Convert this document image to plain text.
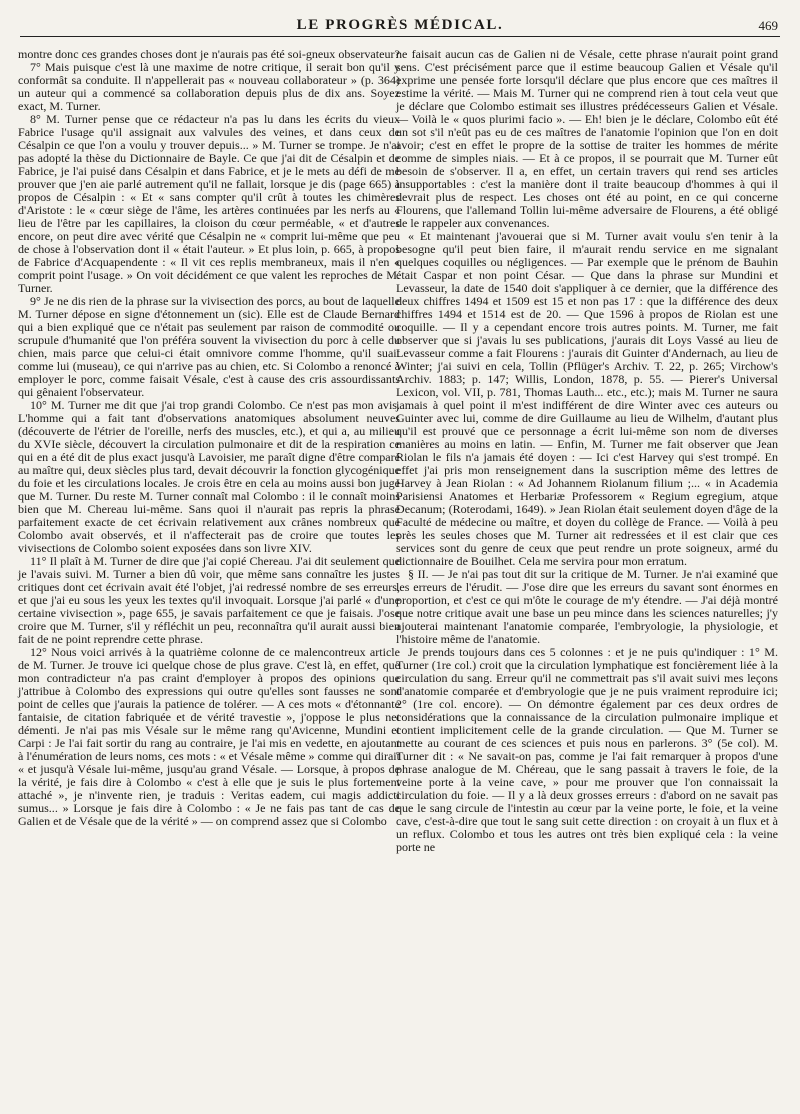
LE PROGRÈS MÉDICAL.	469

montre donc ces grandes choses dont je n'aurais pas été soi-gneux observateur?

7° Mais puisque c'est là une maxime de notre critique, il serait bon qu'il y conformât sa conduite. Il n'appellerait pas « nouveau collaborateur » (p. 364) un auteur qui a commencé sa collaboration depuis plus de dix ans. Soyez exact, M. Turner.

8° M. Turner pense que ce rédacteur n'a pas lu dans les écrits du vieux Fabrice l'usage qu'il assignait aux valvules des veines, et dans ceux de Césalpin ce que l'on a voulu y trouver depuis... » M. Turner se trompe. Je n'ai pas adopté la thèse du Dictionnaire de Bayle. Ce que j'ai dit de Césalpin et de Fabrice, je l'ai puisé dans Césalpin et dans Fabrice, et je le mets au défi de me prouver que j'en aie parlé autrement qu'il ne fallait, lorsque je dis (page 665) à propos de Césalpin : « Et « sans compter qu'il crût à toutes les chimères d'Aristote : le « cœur siège de l'âme, les artères continuées par les nerfs au « lieu de l'être par les capillaires, la cloison du cœur perméable, « et d'autres encore, on peut dire avec vérité que Césalpin ne « comprit lui-même que peu de chose à l'observation dont il « était l'auteur. » Et plus loin, p. 665, à propos de Fabrice d'Acquapendente : « Il vit ces replis membraneux, mais il n'en « comprit point l'usage. » On voit décidément ce que valent les reproches de M. Turner.

9° Je ne dis rien de la phrase sur la vivisection des porcs, au bout de laquelle M. Turner dépose en signe d'étonnement un (sic). Elle est de Claude Bernard qui a bien expliqué que ce n'était pas seulement par raison de commodité ou scrupule d'humanité que l'on préféra souvent la vivisection du porc à celle du chien, mais parce que celui-ci était omnivore comme l'homme, qu'il suait comme lui (museau), ce qui n'arrive pas au chien, etc. Si Colombo a renoncé à employer le porc, comme faisait Vésale, c'est à cause des cris assourdissants qui gênaient l'observateur.

10° M. Turner me dit que j'ai trop grandi Colombo. Ce n'est pas mon avis. L'homme qui a fait tant d'observations anatomiques absolument neuves (découverte de l'étrier de l'oreille, nerfs des muscles, etc.), et qui a, au milieu du XVIe siècle, découvert la circulation pulmonaire et dit de la respiration ce qui en a été dit de plus exact jusqu'à Lavoisier, me paraît digne d'être comparé au maître qui, deux siècles plus tard, devait découvrir la fonction glycogénique du foie et les circulations locales. Je crois être en cela au moins aussi bon juge que M. Turner. Du reste M. Turner connaît mal Colombo : il le connaît moins bien que M. Chereau lui-même. Sans quoi il n'aurait pas repris la phrase parfaitement exacte de cet écrivain relativement aux crânes nombreux que Colombo avait observés, et il n'affecterait pas de croire que toutes les vivisections de Colombo soient exposées dans son livre XIV.

11° Il plaît à M. Turner de dire que j'ai copié Chereau. J'ai dit seulement que je l'avais suivi. M. Turner a bien dû voir, que même sans connaître les justes critiques dont cet écrivain avait été l'objet, j'ai redressé nombre de ses erreurs, et que j'ai eu sous les yeux les textes qu'il invoquait. Lorsque j'ai parlé « d'une certaine vivisection », page 655, je savais parfaitement ce que je faisais. J'ose croire que M. Turner, s'il y réfléchit un peu, reconnaîtra qu'il aurait aussi bien fait de ne point reprendre cette phrase.

12° Nous voici arrivés à la quatrième colonne de ce malencontreux article de M. Turner. Je trouve ici quelque chose de plus grave. C'est là, en effet, que mon contradicteur n'a pas craint d'employer à propos des opinions que j'attribue à Colombo des expressions qui outre qu'elles sont fausses ne sont point de celles que j'aurais la patience de tolérer. — A ces mots « d'étonnante fantaisie, de citation fabriquée et de vérité travestie », j'oppose le plus net démenti. Je n'ai pas mis Vésale sur le même rang qu'Avicenne, Mundini et Carpi : Je l'ai fait sortir du rang au contraire, je l'ai mis en vedette, en ajoutant à l'énumération de leurs noms, ces mots : « et Vésale même » comme qui dirait « et jusqu'à Vésale lui-même, jusqu'au grand Vésale. — Lorsque, à propos de la vérité, je fais dire à Colombo « c'est à elle que je suis le plus fortement attaché », je n'invente rien, je traduis : Veritas eadem, cui magis addicti sumus... » Lorsque je fais dire à Colombo : « Je ne fais pas tant de cas de Galien et de Vésale que de la vérité » — on comprend assez que si Colombo

ne faisait aucun cas de Galien ni de Vésale, cette phrase n'aurait point grand sens. C'est précisément parce que il estime beaucoup Galien et Vésale qu'il exprime une pensée forte lorsqu'il déclare que plus encore que ces maîtres il estime la vérité. — Mais M. Turner qui ne comprend rien à tout cela veut que je déclare que Colombo estimait ses illustres prédécesseurs Galien et Vésale. — Voilà le « quos plurimi facio ». — Eh! bien je le déclare, Colombo eût été un sot s'il n'eût pas eu de ces maîtres de l'anatomie l'opinion que l'on en doit avoir; c'est en effet le propre de la sottise de traiter les hommes de mérite comme de simples niais. — Et à ce propos, il se pourrait que M. Turner eût besoin de s'observer. Il a, en effet, un certain travers qui rend ses articles insupportables : c'est la manière dont il traite beaucoup d'hommes à qui il devrait plus de respect. Les choses ont été au point, en ce qui concerne Flourens, que l'allemand Tollin lui-même adversaire de Flourens, a été obligé de le rappeler aux convenances.

« Et maintenant j'avouerai que si M. Turner avait voulu s'en tenir à la besogne qu'il peut bien faire, il m'aurait rendu service en me signalant quelques coquilles ou négligences. — Par exemple que le prénom de Bauhin était Caspar et non point César. — Que dans la phrase sur Mundini et Levasseur, la date de 1540 doit s'appliquer à ce dernier, que la différence des deux chiffres 1494 et 1509 est 15 et non pas 17 : que la différence des deux chiffres 1494 et 1514 est de 20. — Que 1596 à propos de Riolan est une coquille. — Il y a cependant encore trois autres points. M. Turner, me fait observer que si j'avais lu ses publications, j'aurais dit Loys Vassé au lieu de Levasseur comme a fait Flourens : j'aurais dit Guinter d'Andernach, au lieu de Winter; j'ai suivi en cela, Tollin (Pflüger's Archiv. T. 22, p. 265; Virchow's Archiv. 1883; p. 147; Willis, London, 1878, p. 55. — Pierer's Universal Lexicon, vol. VII, p. 781, Thomas Lauth... etc., etc.); mais M. Turner ne saura jamais à quel point il m'est indifférent de dire Winter avec ces auteurs ou Guinter avec lui, comme de dire Guillaume au lieu de Wilhelm, d'autant plus qu'il est prouvé que ce personnage a écrit lui-même son nom de diverses manières au moins en latin. — Enfin, M. Turner me fait observer que Jean Riolan le fils n'a jamais été doyen : — Ici c'est Harvey qui s'est trompé. En effet j'ai pris mon renseignement dans la suscription même des lettres de Harvey à Jean Riolan : « Ad Johannem Riolanum filium ;... « in Academia Parisiensi Anatomes et Herbariæ Professorem « Regium egregium, atque Decanum; (Roterodami, 1649). » Jean Riolan était seulement doyen d'âge de la Faculté de médecine ou maître, et doyen du collège de France. — Voilà à peu près les seules choses que M. Turner ait redressées et il est clair que ces services sont du genre de ceux que peut rendre un prote soigneux, armé du dictionnaire de Bouilhet. Cela me servira pour mon erratum.

§ II. — Je n'ai pas tout dit sur la critique de M. Turner. Je n'ai examiné que les erreurs de l'érudit. — J'ose dire que les erreurs du savant sont énormes en proportion, et c'est ce qui m'ôte le courage de m'y étendre. — J'ai déjà montré que notre critique avait une base un peu mince dans les sciences naturelles; j'y ajouterai maintenant l'anatomie comparée, l'embryologie, la physiologie, et l'histoire même de l'anatomie.

Je prends toujours dans ces 5 colonnes : et je ne puis qu'indiquer : 1° M. Turner (1re col.) croit que la circulation lymphatique est foncièrement liée à la circulation du sang. Erreur qu'il ne commettrait pas s'il avait suivi mes leçons d'anatomie comparée et d'embryologie que je ne puis vraiment reproduire ici; 2° (1re col. encore). — On démontre également par ces deux ordres de considérations que la connaissance de la circulation pulmonaire implique et contient implicitement celle de la grande circulation. — Que M. Turner se mette au courant de ces sciences et puis nous en parlerons. 3° (5e col). M. Turner dit : « Ne savait-on pas, comme je l'ai fait remarquer à propos d'une phrase analogue de M. Chéreau, que le sang passait à travers le foie, de la veine porte à la veine cave, » pour me prouver que l'on connaissait la circulation du foie. — Il y a là deux grosses erreurs : d'abord on ne savait pas que le sang circule de l'intestin au cœur par la veine porte, le foie, et la veine cave, c'est-à-dire que tout le sang suit cette direction : on croyait à un flux et à un reflux. Colombo et tous les autres ont très bien expliqué cela : la veine porte ne
